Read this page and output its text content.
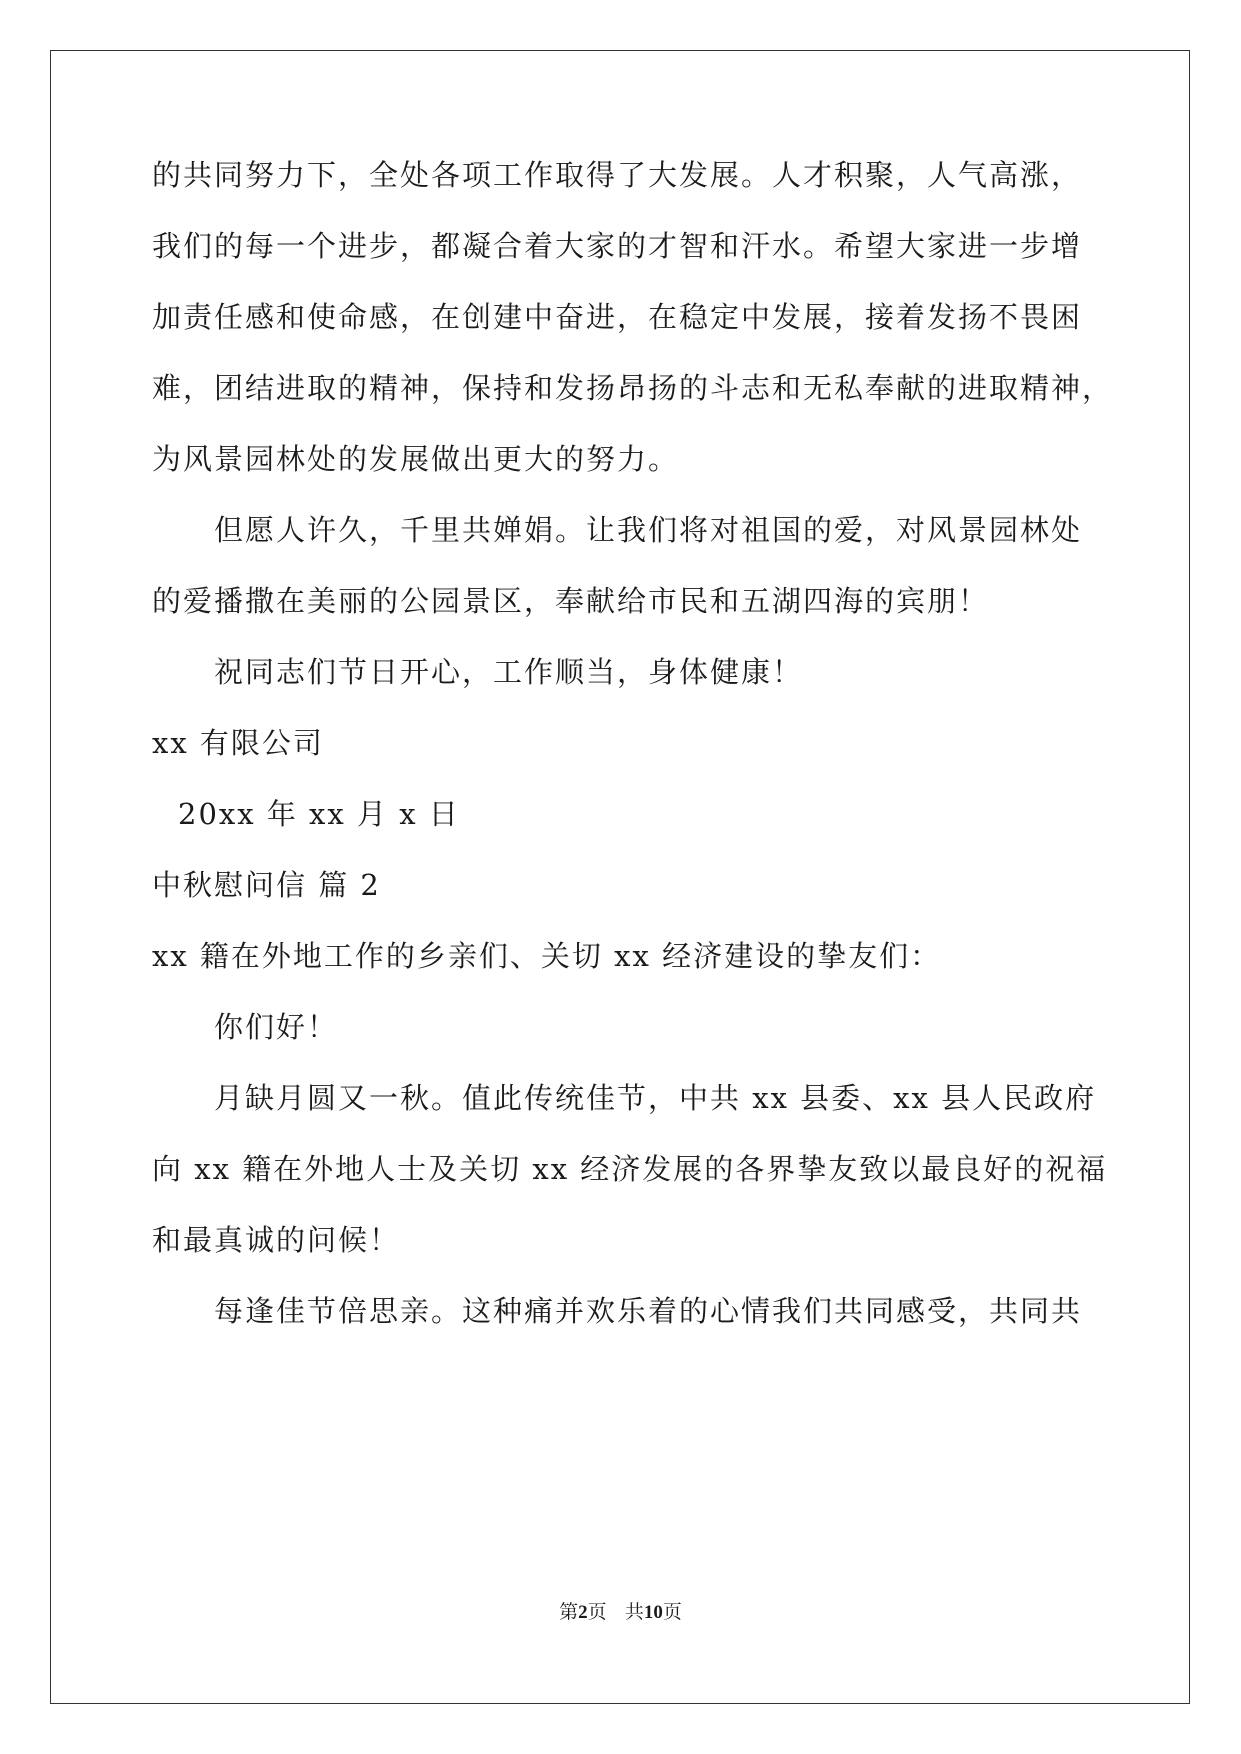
的共同努力下，全处各项工作取得了大发展。人才积聚，人气高涨，
我们的每一个进步，都凝合着大家的才智和汗水。希望大家进一步增
加责任感和使命感，在创建中奋进，在稳定中发展，接着发扬不畏困
难，团结进取的精神，保持和发扬昂扬的斗志和无私奉献的进取精神，
为风景园林处的发展做出更大的努力。
但愿人许久，千里共婵娟。让我们将对祖国的爱，对风景园林处
的爱播撒在美丽的公园景区，奉献给市民和五湖四海的宾朋！
祝同志们节日开心，工作顺当，身体健康！
xx 有限公司
20xx 年 xx 月 x 日
中秋慰问信 篇 2
xx 籍在外地工作的乡亲们、关切 xx 经济建设的挚友们：
你们好！
月缺月圆又一秋。值此传统佳节，中共 xx 县委、xx 县人民政府
向 xx 籍在外地人士及关切 xx 经济发展的各界挚友致以最良好的祝福
和最真诚的问候！
每逢佳节倍思亲。这种痛并欢乐着的心情我们共同感受，共同共
第2页 共10页
